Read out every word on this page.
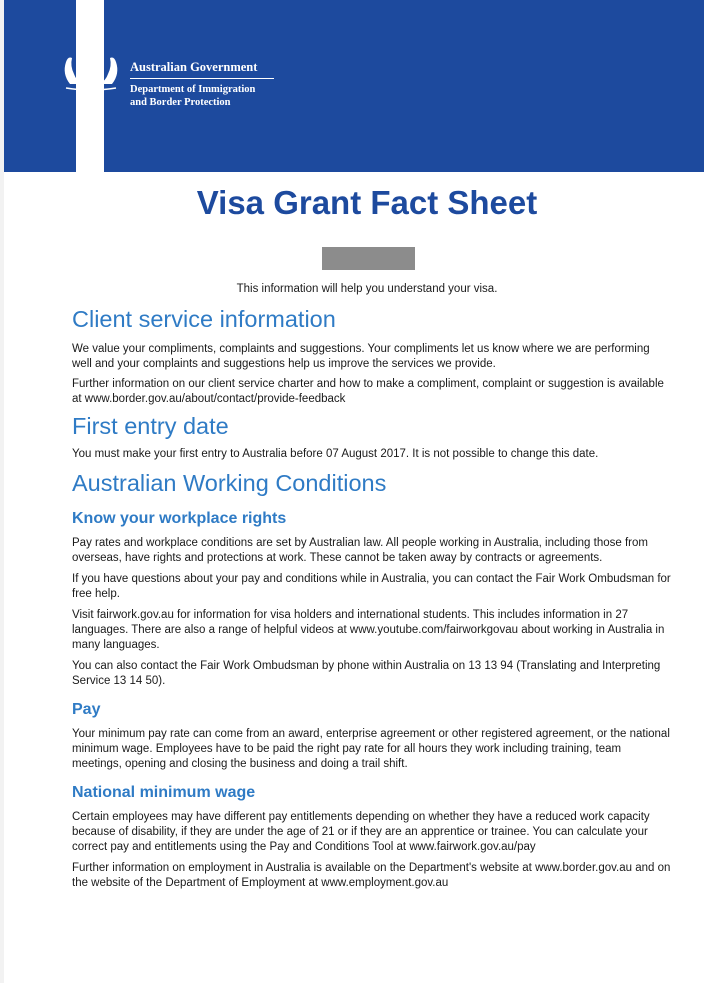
Australian Government
Department of Immigration
and Border Protection
Visa Grant Fact Sheet
This information will help you understand your visa.
Client service information

We value your compliments, complaints and suggestions. Your compliments let us know where we are performing well and your complaints and suggestions help us improve the services we provide.

Further information on our client service charter and how to make a compliment, complaint or suggestion is available at www.border.gov.au/about/contact/provide-feedback

First entry date

You must make your first entry to Australia before 07 August 2017. It is not possible to change this date.

Australian Working Conditions
Know your workplace rights

Pay rates and workplace conditions are set by Australian law. All people working in Australia, including those from overseas, have rights and protections at work. These cannot be taken away by contracts or agreements.

If you have questions about your pay and conditions while in Australia, you can contact the Fair Work Ombudsman for free help.

Visit fairwork.gov.au for information for visa holders and international students. This includes information in 27 languages. There are also a range of helpful videos at www.youtube.com/fairworkgovau about working in Australia in many languages.

You can also contact the Fair Work Ombudsman by phone within Australia on 13 13 94 (Translating and Interpreting Service 13 14 50).

Pay

Your minimum pay rate can come from an award, enterprise agreement or other registered agreement, or the national minimum wage. Employees have to be paid the right pay rate for all hours they work including training, team meetings, opening and closing the business and doing a trail shift.

National minimum wage

Certain employees may have different pay entitlements depending on whether they have a reduced work capacity because of disability, if they are under the age of 21 or if they are an apprentice or trainee. You can calculate your correct pay and entitlements using the Pay and Conditions Tool at www.fairwork.gov.au/pay

Further information on employment in Australia is available on the Department's website at www.border.gov.au and on the website of the Department of Employment at www.employment.gov.au
